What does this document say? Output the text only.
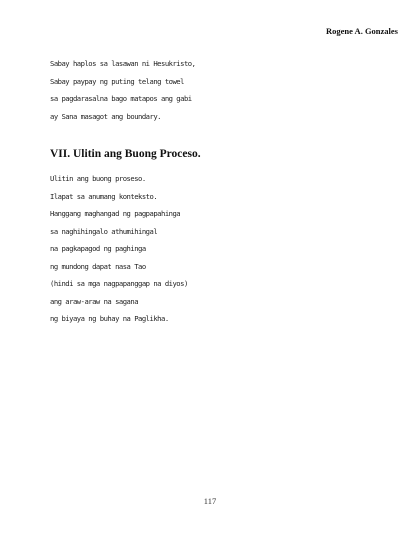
Rogene A. Gonzales
Sabay haplos sa lasawan ni Hesukristo,
Sabay paypay ng puting telang towel
sa pagdarasalna bago matapos ang gabi
ay Sana masagot ang boundary.
VII. Ulitin ang Buong Proceso.
Ulitin ang buong proseso.
Ilapat sa anumang konteksto.
Hanggang maghangad ng pagpapahinga
sa naghihingalo athumihingal
na pagkapagod ng paghinga
ng mundong dapat nasa Tao
(hindi sa mga nagpapanggap na diyos)
ang araw-araw na sagana
ng biyaya ng buhay na Paglikha.
117
